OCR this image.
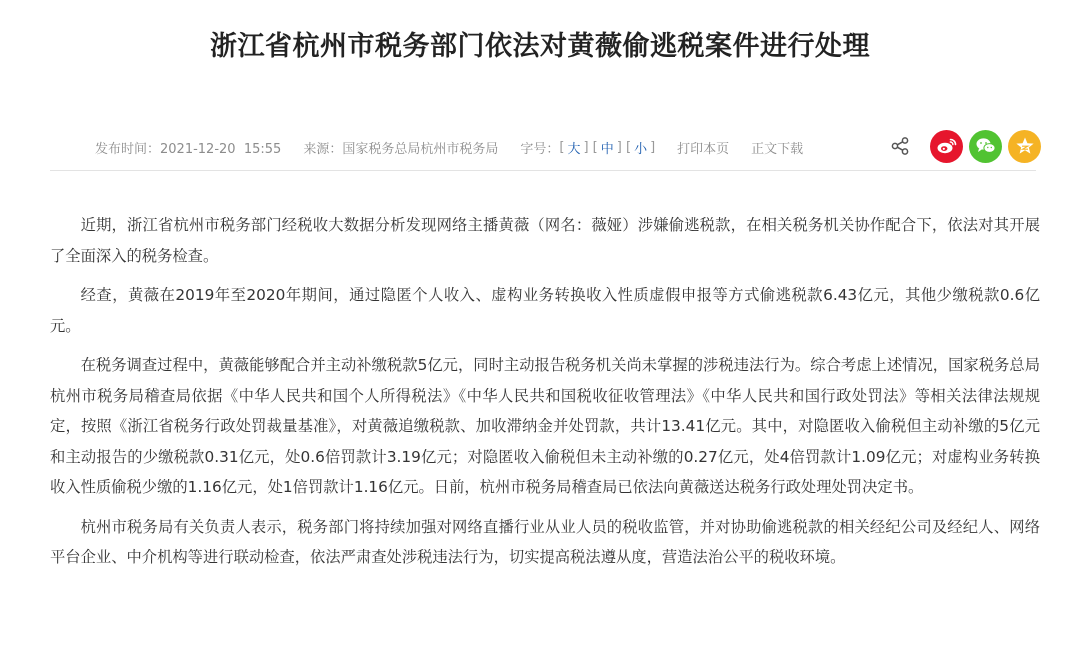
浙江省杭州市税务部门依法对黄薇偷逃税案件进行处理
发布时间：2021-12-20 15:55 来源：国家税务总局杭州市税务局 字号： [ 大 ] [ 中 ] [ 小 ] 打印本页 正文下载

近期，浙江省杭州市税务部门经税收大数据分析发现网络主播黄薇（网名：薇娅）涉嫌偷逃税款，在相关税务机关协作配合下，依法对其开展了全面深入的税务检查。

经查，黄薇在2019年至2020年期间，通过隐匿个人收入、虚构业务转换收入性质虚假申报等方式偷逃税款6.43亿元，其他少缴税款0.6亿元。

在税务调查过程中，黄薇能够配合并主动补缴税款5亿元，同时主动报告税务机关尚未掌握的涉税违法行为。综合考虑上述情况，国家税务总局杭州市税务局稽查局依据《中华人民共和国个人所得税法》《中华人民共和国税收征收管理法》《中华人民共和国行政处罚法》等相关法律法规规定，按照《浙江省税务行政处罚裁量基准》，对黄薇追缴税款、加收滞纳金并处罚款，共计13.41亿元。其中，对隐匿收入偷税但主动补缴的5亿元和主动报告的少缴税款0.31亿元，处0.6倍罚款计3.19亿元；对隐匿收入偷税但未主动补缴的0.27亿元，处4倍罚款计1.09亿元；对虚构业务转换收入性质偷税少缴的1.16亿元，处1倍罚款计1.16亿元。日前，杭州市税务局稽查局已依法向黄薇送达税务行政处理处罚决定书。

杭州市税务局有关负责人表示，税务部门将持续加强对网络直播行业从业人员的税收监管，并对协助偷逃税款的相关经纪公司及经纪人、网络平台企业、中介机构等进行联动检查，依法严肃查处涉税违法行为，切实提高税法遵从度，营造法治公平的税收环境。
